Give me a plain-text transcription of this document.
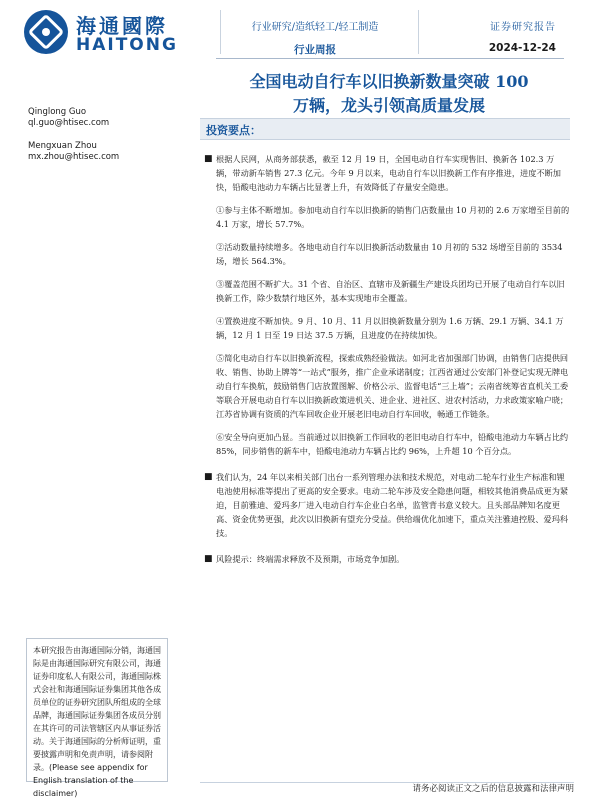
海通國際
HAITONG
行业研究/造纸轻工/轻工制造
行业周报
证券研究报告
2024-12-24
全国电动自行车以旧换新数量突破 100
万辆，龙头引领高质量发展
Qinglong Guo
ql.guo@htisec.com
Mengxuan Zhou
mx.zhou@htisec.com
投资要点：
■ 根据人民网，从商务部获悉，截至 12 月 19 日，全国电动自行车实现售旧、换新各 102.3 万辆，带动新车销售 27.3 亿元。今年 9 月以来，电动自行车以旧换新工作有序推进，进度不断加快，铅酸电池动力车辆占比显著上升，有效降低了存量安全隐患。
①参与主体不断增加。参加电动自行车以旧换新的销售门店数量由 10 月初的 2.6 万家增至目前的 4.1 万家，增长 57.7%。
②活动数量持续增多。各地电动自行车以旧换新活动数量由 10 月初的 532 场增至目前的 3534 场，增长 564.3%。
③覆盖范围不断扩大。31 个省、自治区、直辖市及新疆生产建设兵团均已开展了电动自行车以旧换新工作，除少数禁行地区外，基本实现地市全覆盖。
④置换进度不断加快。9 月、10 月、11 月以旧换新数量分别为 1.6 万辆、29.1 万辆、34.1 万辆，12 月 1 日至 19 日达 37.5 万辆，且进度仍在持续加快。
⑤简化电动自行车以旧换新流程，探索成熟经验做法。如河北省加强部门协调，由销售门店提供回收、销售、协助上牌等“一站式”服务，推广企业承诺制度；江西省通过公安部门补登记实现无牌电动自行车换航，鼓励销售门店放置图解、价格公示、监督电话“三上墙”；云南省统筹省直机关工委等联合开展电动自行车以旧换新政策进机关、进企业、进社区、进农村活动，力求政策家喻户晓；江苏省协调有资质的汽车回收企业开展老旧电动自行车回收，畅通工作链条。
⑥安全导向更加凸显。当前通过以旧换新工作回收的老旧电动自行车中，铅酸电池动力车辆占比约 85%，同步销售的新车中，铅酸电池动力车辆占比约 96%，上升超 10 个百分点。
■ 我们认为，24 年以来相关部门出台一系列管理办法和技术规范，对电动二轮车行业生产标准和锂电池使用标准等提出了更高的安全要求。电动二轮车涉及安全隐患问题，相较其他消费品成更为紧迫，目前雅迪、爱玛多厂进入电动自行车企业白名单，监管背书意义较大。且头部品牌知名度更高、资金优势更强，此次以旧换新有望充分受益。供给端优化加速下，重点关注雅迪控股、爱玛科技。
■ 风险提示：终端需求释放不及预期，市场竞争加剧。
本研究报告由海通国际分销，海通国际是由海通国际研究有限公司，海通证券印度私人有限公司，海通国际株式会社和海通国际证券集团其他各成员单位的证券研究团队所组成的全球品牌，海通国际证券集团各成员分别在其许可的司法管辖区内从事证券活动。关于海通国际的分析师证明，重要披露声明和免责声明，请参阅附录。(Please see appendix for English translation of the disclaimer)	请务必阅读正文之后的信息披露和法律声明
